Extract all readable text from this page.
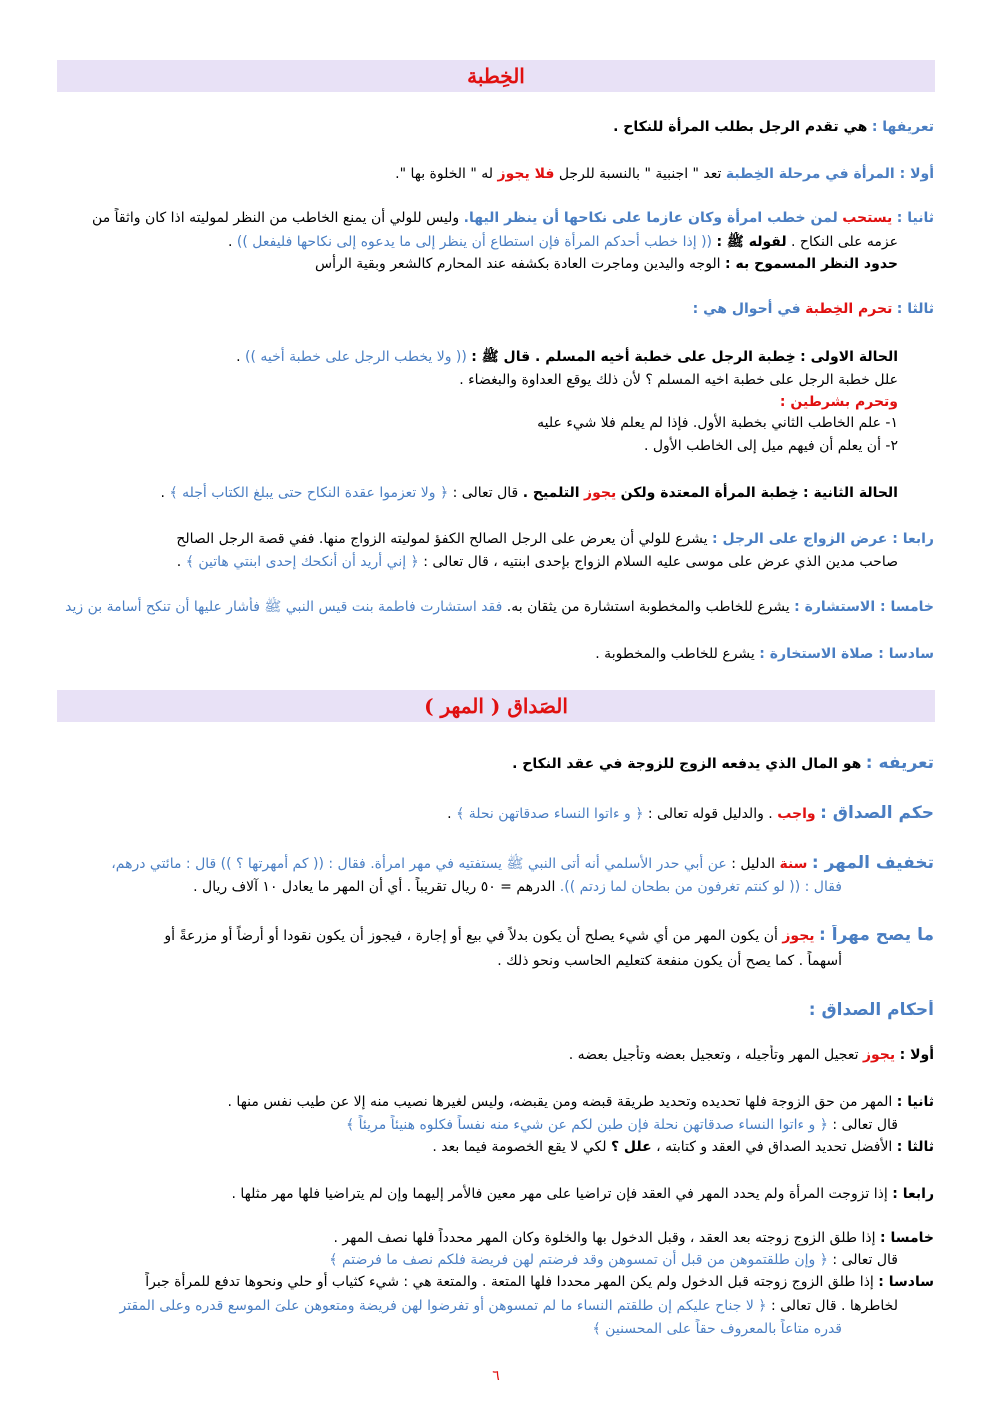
الخِطبة
تعريفها : هي تقدم الرجل بطلب المرأة للنكاح .
أولا : المرأة في مرحلة الخِطبة تعد " اجنبية " بالنسبة للرجل فلا يجوز له " الخلوة بها ".
ثانيا : يستحب لمن خطب امرأة وكان عازما على نكاحها أن ينظر اليها. وليس للولي أن يمنع الخاطب من النظر لموليته اذا كان واثقاً من
عزمه على النكاح . لقوله ﷺ : (( إذا خطب أحدكم المرأة فإن استطاع أن ينظر إلى ما يدعوه إلى نكاحها فليفعل )) .
حدود النظر المسموح به : الوجه واليدين وماجرت العادة بكشفه عند المحارم كالشعر وبقية الرأس
ثالثا : تحرم الخِطبة في أحوال هي :
الحالة الاولى : خِطبة الرجل على خطبة أخيه المسلم . قال ﷺ : (( ولا يخطب الرجل على خطبة أخيه )) .
علل خطبة الرجل على خطبة اخيه المسلم ؟ لأن ذلك يوقع العداوة والبغضاء .
وتحرم بشرطين :
١- علم الخاطب الثاني بخطبة الأول. فإذا لم يعلم فلا شيء عليه
٢- أن يعلم أن فيهم ميل إلى الخاطب الأول .
الحالة الثانية : خِطبة المرأة المعتدة ولكن يجوز التلميح . قال تعالى : ﴿ ولا تعزموا عقدة النكاح حتى يبلغ الكتاب أجله ﴾ .
رابعا : عرض الزواج على الرجل : يشرع للولي أن يعرض على الرجل الصالح الكفؤ لموليته الزواج منها. ففي قصة الرجل الصالح
صاحب مدين الذي عرض على موسى عليه السلام الزواج بإحدى ابنتيه ، قال تعالى : ﴿ إني أريد أن أنكحك إحدى ابنتي هاتين ﴾ .
خامسا : الاستشارة : يشرع للخاطب والمخطوبة استشارة من يثقان به. فقد استشارت فاطمة بنت قيس النبي ﷺ فأشار عليها أن تنكح أسامة بن زيد
سادسا : صلاة الاستخارة : يشرع للخاطب والمخطوبة .
الصَداق ( المهر )
تعريفه : هو المال الذي يدفعه الزوج للزوجة في عقد النكاح .
حكم الصداق : واجب . والدليل قوله تعالى : ﴿ و ءاتوا النساء صدقاتهن نحلة ﴾ .
تخفيف المهر : سنة الدليل : عن أبي حدر الأسلمي أنه أتى النبي ﷺ يستفتيه في مهر امرأة. فقال : (( كم أمهرتها ؟ )) قال : مائتي درهم،
فقال : (( لو كنتم تغرفون من بطحان لما زدتم )). الدرهم = ٥٠ ريال تقريباً . أي أن المهر ما يعادل ١٠ آلاف ريال .
ما يصح مهراً : يجوز أن يكون المهر من أي شيء يصلح أن يكون بدلاً في بيع أو إجارة ، فيجوز أن يكون نقودا أو أرضاً أو مزرعةً أو
أسهماً . كما يصح أن يكون منفعة كتعليم الحاسب ونحو ذلك .
أحكام الصداق :
أولا : يجوز تعجيل المهر وتأجيله ، وتعجيل بعضه وتأجيل بعضه .
ثانيا : المهر من حق الزوجة فلها تحديده وتحديد طريقة قبضه ومن يقبضه، وليس لغيرها نصيب منه إلا عن طيب نفس منها .
قال تعالى : ﴿ و ءاتوا النساء صدقاتهن نحلة فإن طبن لكم عن شيء منه نفساً فكلوه هنيئاً مريئاً ﴾
ثالثا : الأفضل تحديد الصداق في العقد و كتابته ، علل ؟ لكي لا يقع الخصومة فيما بعد .
رابعا : إذا تزوجت المرأة ولم يحدد المهر في العقد فإن تراضيا على مهر معين فالأمر إليهما وإن لم يتراضيا فلها مهر مثلها .
خامسا : إذا طلق الزوج زوجته بعد العقد ، وقبل الدخول بها والخلوة وكان المهر محدداً فلها نصف المهر .
قال تعالى : ﴿ وإن طلقتموهن من قبل أن تمسوهن وقد فرضتم لهن فريضة فلكم نصف ما فرضتم ﴾
سادسا : إذا طلق الزوج زوجته قبل الدخول ولم يكن المهر محددا فلها المتعة . والمتعة هي : شيء كثياب أو حلي ونحوها تدفع للمرأة جبراً
لخاطرها . قال تعالى : ﴿ لا جناح عليكم إن طلقتم النساء ما لم تمسوهن أو تفرضوا لهن فريضة ومتعوهن علىَ الموسع قدره وعلى المقتر
قدره متاعاً بالمعروف حقاً على المحسنين ﴾
٦
